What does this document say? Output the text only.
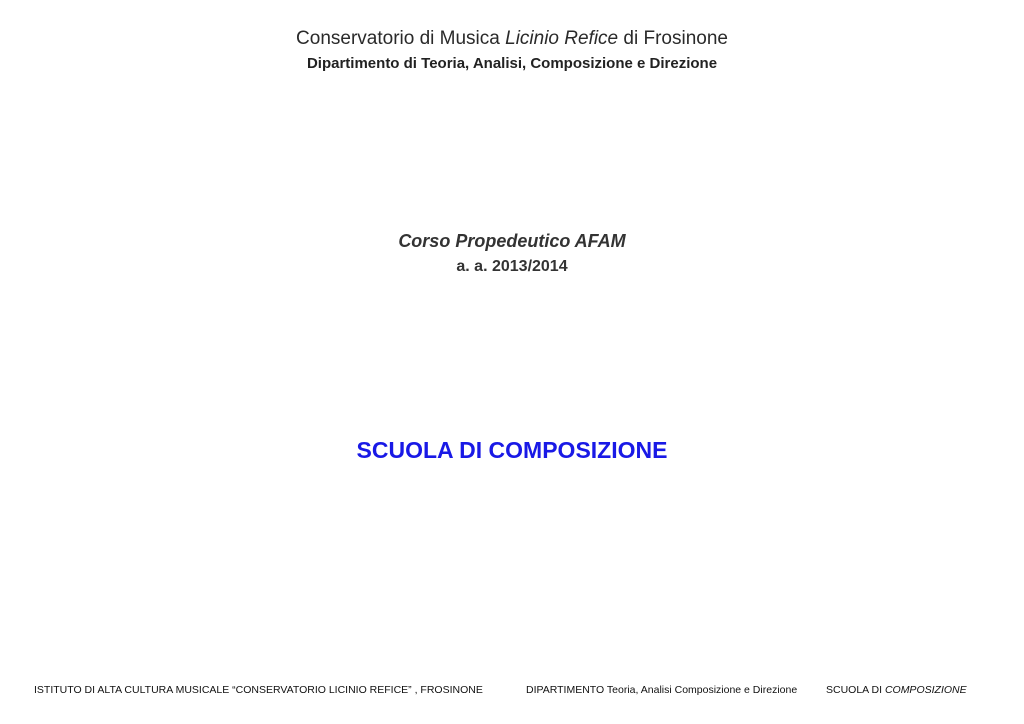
Conservatorio di Musica Licinio Refice di Frosinone
Dipartimento di Teoria, Analisi, Composizione e Direzione
Corso Propedeutico AFAM
a. a. 2013/2014
SCUOLA DI COMPOSIZIONE
ISTITUTO DI ALTA CULTURA MUSICALE “CONSERVATORIO LICINIO REFICE” , FROSINONE	DIPARTIMENTO Teoria, Analisi Composizione e Direzione	SCUOLA DI COMPOSIZIONE
